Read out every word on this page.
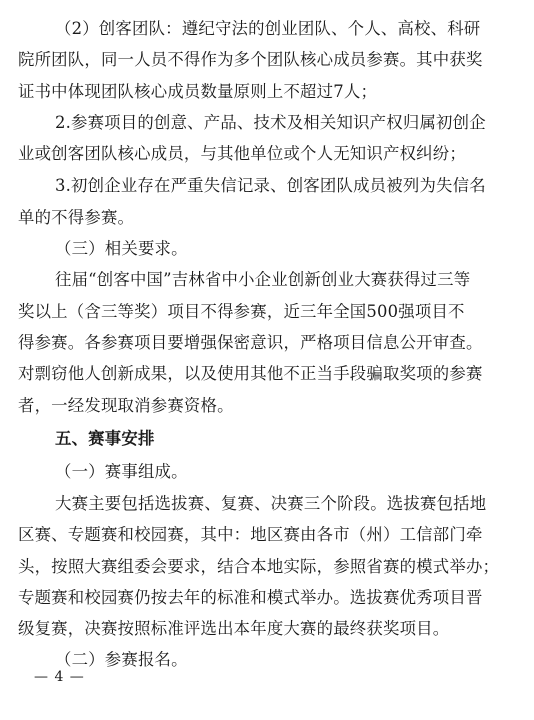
（2）创客团队：遵纪守法的创业团队、个人、高校、科研
院所团队，同一人员不得作为多个团队核心成员参赛。其中获奖
证书中体现团队核心成员数量原则上不超过7人；
2.参赛项目的创意、产品、技术及相关知识产权归属初创企
业或创客团队核心成员，与其他单位或个人无知识产权纠纷；
3.初创企业存在严重失信记录、创客团队成员被列为失信名
单的不得参赛。
（三）相关要求。
往届“创客中国”吉林省中小企业创新创业大赛获得过三等
奖以上（含三等奖）项目不得参赛，近三年全国500强项目不
得参赛。各参赛项目要增强保密意识，严格项目信息公开审查。
对剽窃他人创新成果，以及使用其他不正当手段骗取奖项的参赛
者，一经发现取消参赛资格。
五、赛事安排
（一）赛事组成。
大赛主要包括选拔赛、复赛、决赛三个阶段。选拔赛包括地
区赛、专题赛和校园赛，其中：地区赛由各市（州）工信部门牵
头，按照大赛组委会要求，结合本地实际，参照省赛的模式举办；
专题赛和校园赛仍按去年的标准和模式举办。选拔赛优秀项目晋
级复赛，决赛按照标准评选出本年度大赛的最终获奖项目。
（二）参赛报名。
— 4 —
